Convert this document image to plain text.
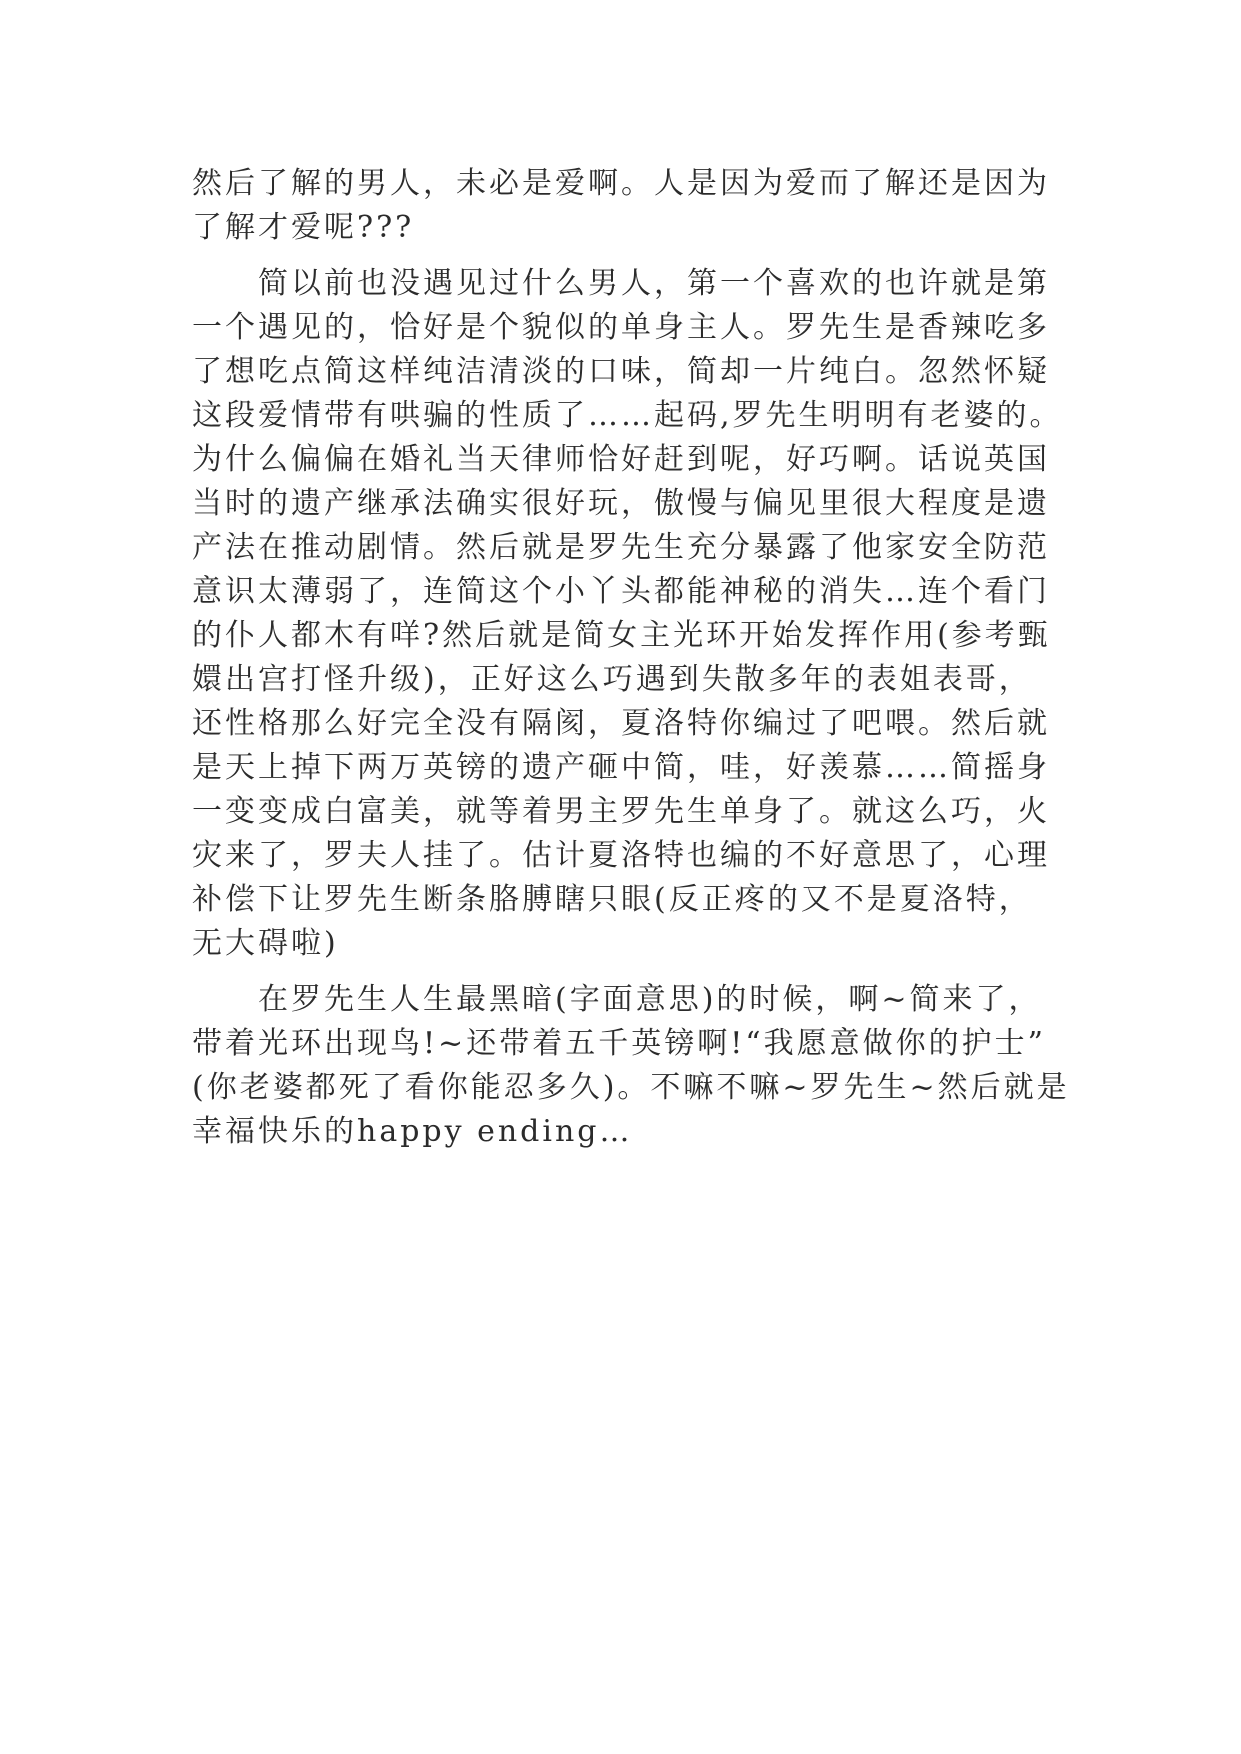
然后了解的男人，未必是爱啊。人是因为爱而了解还是因为
了解才爱呢???
　　简以前也没遇见过什么男人，第一个喜欢的也许就是第
一个遇见的，恰好是个貌似的单身主人。罗先生是香辣吃多
了想吃点简这样纯洁清淡的口味，简却一片纯白。忽然怀疑
这段爱情带有哄骗的性质了……起码,罗先生明明有老婆的。
为什么偏偏在婚礼当天律师恰好赶到呢，好巧啊。话说英国
当时的遗产继承法确实很好玩，傲慢与偏见里很大程度是遗
产法在推动剧情。然后就是罗先生充分暴露了他家安全防范
意识太薄弱了，连简这个小丫头都能神秘的消失…连个看门
的仆人都木有咩?然后就是简女主光环开始发挥作用(参考甄
嬛出宫打怪升级)，正好这么巧遇到失散多年的表姐表哥，
还性格那么好完全没有隔阂，夏洛特你编过了吧喂。然后就
是天上掉下两万英镑的遗产砸中简，哇，好羡慕……简摇身
一变变成白富美，就等着男主罗先生单身了。就这么巧，火
灾来了，罗夫人挂了。估计夏洛特也编的不好意思了，心理
补偿下让罗先生断条胳膊瞎只眼(反正疼的又不是夏洛特，
无大碍啦)
　　在罗先生人生最黑暗(字面意思)的时候，啊~简来了，
带着光环出现鸟!~还带着五千英镑啊!“我愿意做你的护士”
(你老婆都死了看你能忍多久)。不嘛不嘛~罗先生~然后就是
幸福快乐的happy ending…
